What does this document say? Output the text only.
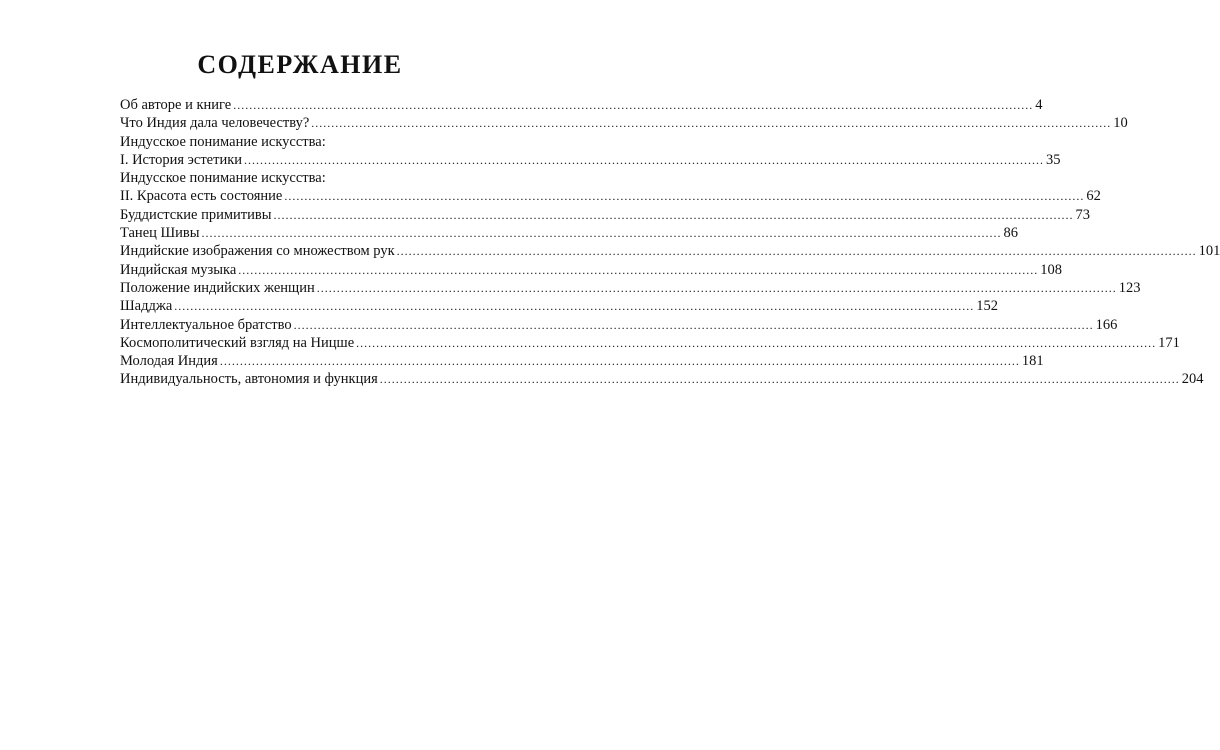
СОДЕРЖАНИЕ
Об авторе и книге ........................................................................................................................................................................................................ 4
Что Индия дала человечеству? ........................................................................................................................................................................................................ 10
Индусское понимание искусства:
I. История эстетики ........................................................................................................................................................................................................ 35
Индусское понимание искусства:
II. Красота есть состояние ........................................................................................................................................................................................................ 62
Буддистские примитивы ........................................................................................................................................................................................................ 73
Танец Шивы ........................................................................................................................................................................................................ 86
Индийские изображения со множеством рук ........................................................................................................................................................................................................ 101
Индийская музыка ........................................................................................................................................................................................................ 108
Положение индийских женщин ........................................................................................................................................................................................................ 123
Шадджа ........................................................................................................................................................................................................ 152
Интеллектуальное братство ........................................................................................................................................................................................................ 166
Космополитический взгляд на Ницше ........................................................................................................................................................................................................ 171
Молодая Индия ........................................................................................................................................................................................................ 181
Индивидуальность, автономия и функция ........................................................................................................................................................................................................ 204
